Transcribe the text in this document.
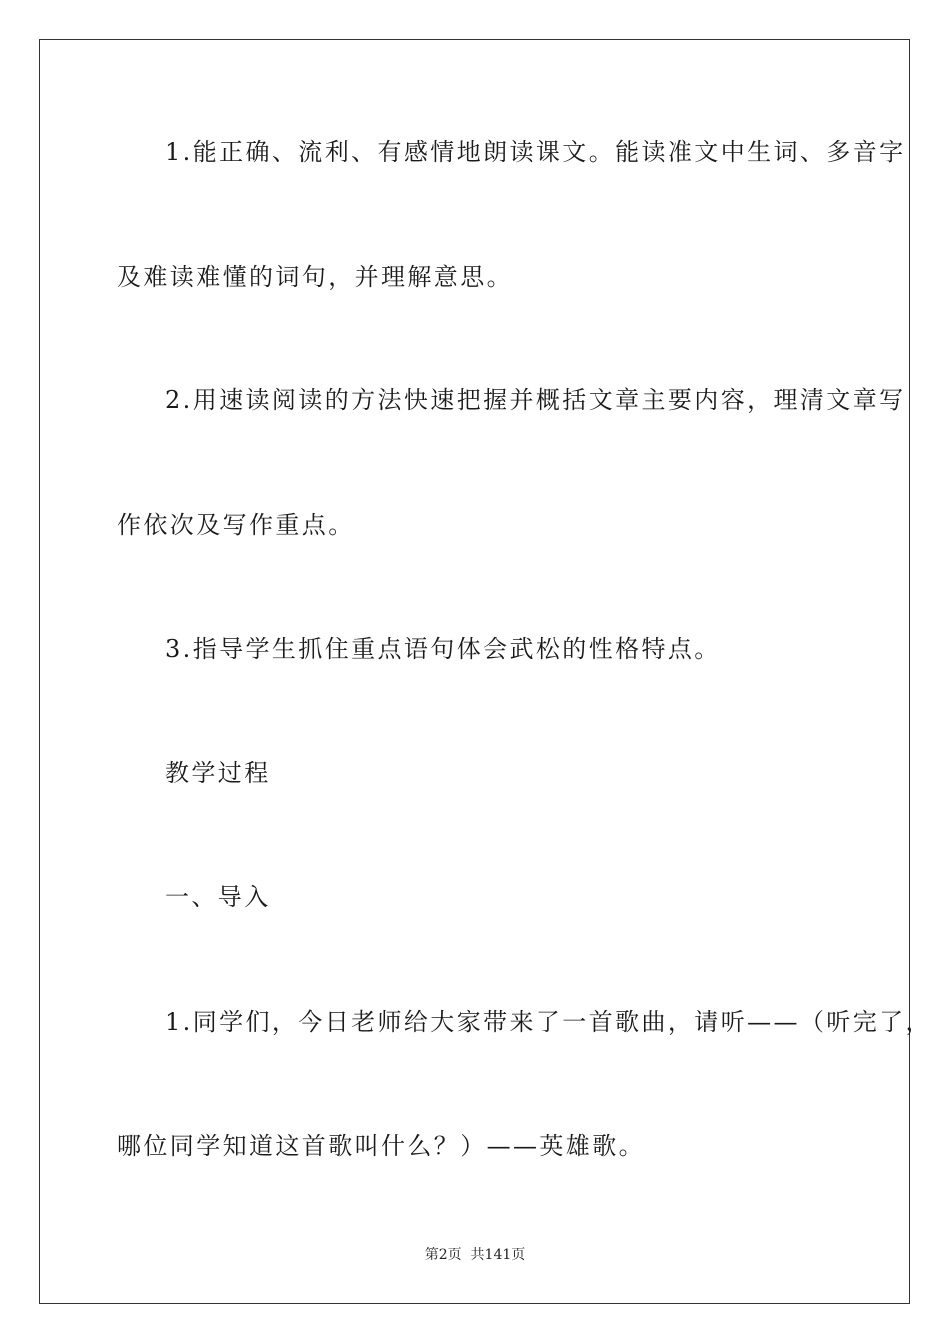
1.能正确、流利、有感情地朗读课文。能读准文中生词、多音字
及难读难懂的词句，并理解意思。
2.用速读阅读的方法快速把握并概括文章主要内容，理清文章写
作依次及写作重点。
3.指导学生抓住重点语句体会武松的性格特点。
教学过程
一、导入
1.同学们，今日老师给大家带来了一首歌曲，请听——（听完了，
哪位同学知道这首歌叫什么？）——英雄歌。
第2页  共141页
